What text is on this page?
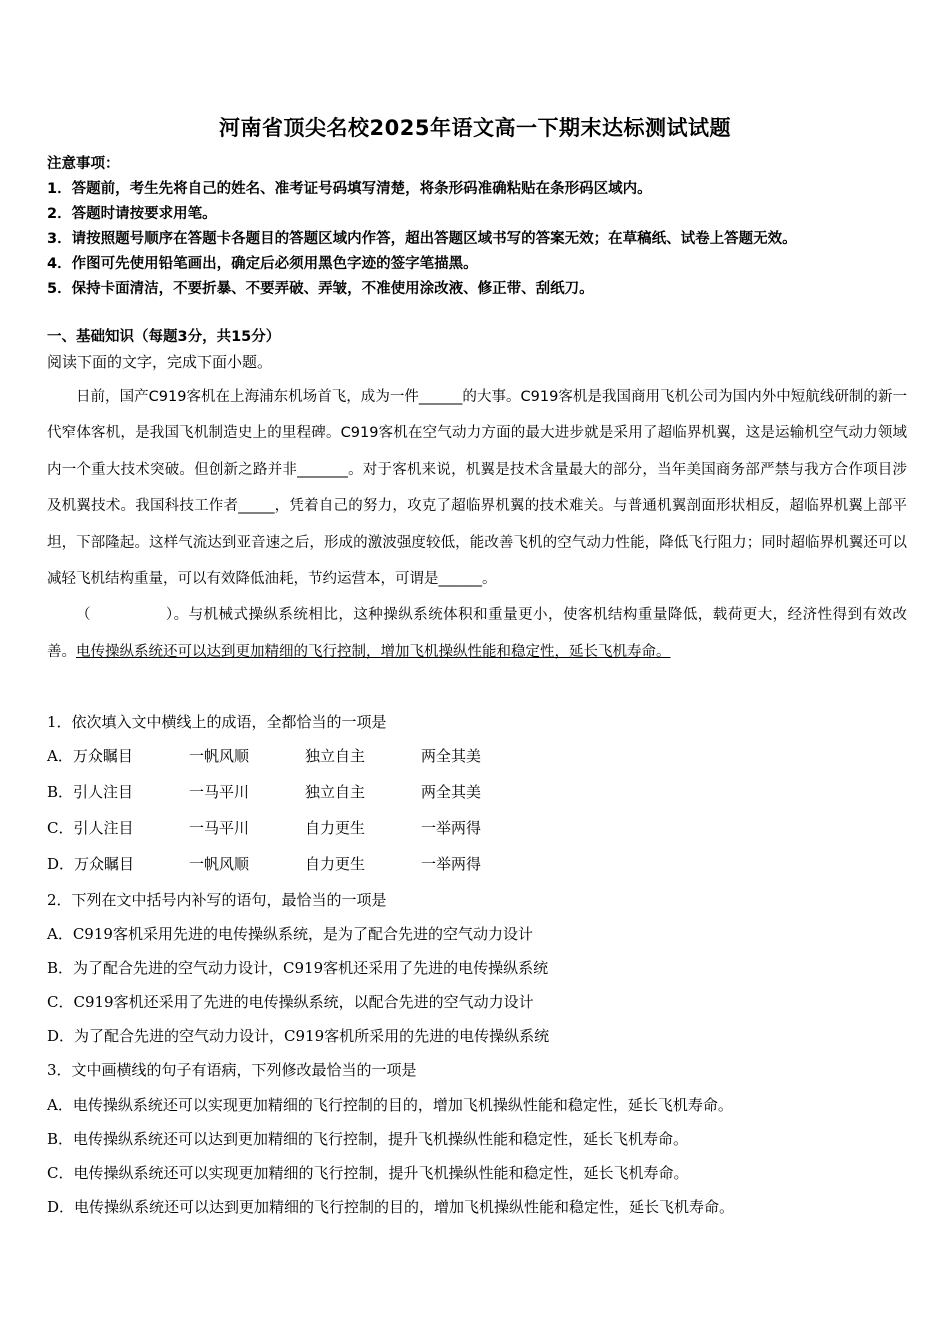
河南省顶尖名校2025年语文高一下期末达标测试试题
注意事项：
1．答题前，考生先将自己的姓名、准考证号码填写清楚，将条形码准确粘贴在条形码区域内。
2．答题时请按要求用笔。
3．请按照题号顺序在答题卡各题目的答题区域内作答，超出答题区域书写的答案无效；在草稿纸、试卷上答题无效。
4．作图可先使用铅笔画出，确定后必须用黑色字迹的签字笔描黑。
5．保持卡面清洁，不要折暴、不要弄破、弄皱，不准使用涂改液、修正带、刮纸刀。
一、基础知识（每题3分，共15分）
阅读下面的文字，完成下面小题。

日前，国产C919客机在上海浦东机场首飞，成为一件______的大事。C919客机是我国商用飞机公司为国内外中短航线研制的新一代窄体客机，是我国飞机制造史上的里程碑。C919客机在空气动力方面的最大进步就是采用了超临界机翼，这是运输机空气动力领域内一个重大技术突破。但创新之路并非_______。对于客机来说，机翼是技术含量最大的部分，当年美国商务部严禁与我方合作项目涉及机翼技术。我国科技工作者_____，凭着自己的努力，攻克了超临界机翼的技术难关。与普通机翼剖面形状相反，超临界机翼上部平坦，下部隆起。这样气流达到亚音速之后，形成的激波强度较低，能改善飞机的空气动力性能，降低飞行阻力；同时超临界机翼还可以减轻飞机结构重量，可以有效降低油耗，节约运营本，可谓是______。

（　　　　　）。与机械式操纵系统相比，这种操纵系统体积和重量更小，使客机结构重量降低，载荷更大，经济性得到有效改善。电传操纵系统还可以达到更加精细的飞行控制，增加飞机操纵性能和稳定性，延长飞机寿命。

1．依次填入文中横线上的成语，全都恰当的一项是
A．万众瞩目	一帆风顺	独立自主	两全其美
B．引人注目	一马平川	独立自主	两全其美
C．引人注目	一马平川	自力更生	一举两得
D．万众瞩目	一帆风顺	自力更生	一举两得
2．下列在文中括号内补写的语句，最恰当的一项是
A．C919客机采用先进的电传操纵系统，是为了配合先进的空气动力设计
B．为了配合先进的空气动力设计，C919客机还采用了先进的电传操纵系统
C．C919客机还采用了先进的电传操纵系统，以配合先进的空气动力设计
D．为了配合先进的空气动力设计，C919客机所采用的先进的电传操纵系统
3．文中画横线的句子有语病，下列修改最恰当的一项是
A．电传操纵系统还可以实现更加精细的飞行控制的目的，增加飞机操纵性能和稳定性，延长飞机寿命。
B．电传操纵系统还可以达到更加精细的飞行控制，提升飞机操纵性能和稳定性，延长飞机寿命。
C．电传操纵系统还可以实现更加精细的飞行控制，提升飞机操纵性能和稳定性，延长飞机寿命。
D．电传操纵系统还可以达到更加精细的飞行控制的目的，增加飞机操纵性能和稳定性，延长飞机寿命。
